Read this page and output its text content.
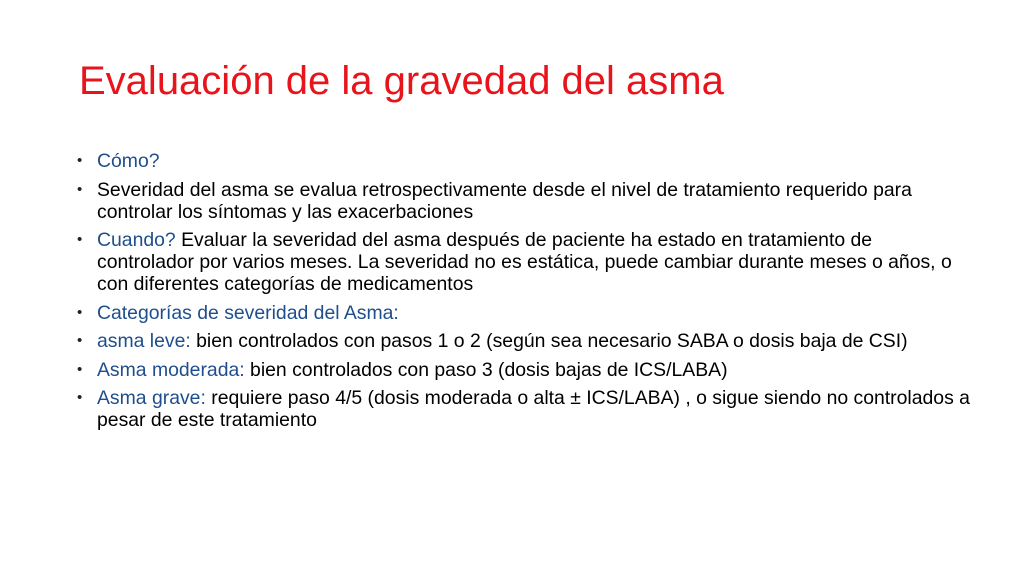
Evaluación de la gravedad del asma
• Cómo?
• Severidad del asma se evalua retrospectivamente desde el nivel de tratamiento requerido para controlar los síntomas y las exacerbaciones
• Cuando? Evaluar la severidad del asma después de paciente ha estado en tratamiento de controlador por varios meses. La severidad no es estática, puede cambiar durante meses o años, o con diferentes categorías de medicamentos
• Categorías de severidad del Asma:
• asma leve: bien controlados con pasos 1 o 2 (según sea necesario SABA o dosis baja de CSI)
• Asma moderada: bien controlados con paso 3 (dosis bajas de ICS/LABA)
• Asma grave: requiere paso 4/5 (dosis moderada o alta ± ICS/LABA) , o sigue siendo no controlados a pesar de este tratamiento
